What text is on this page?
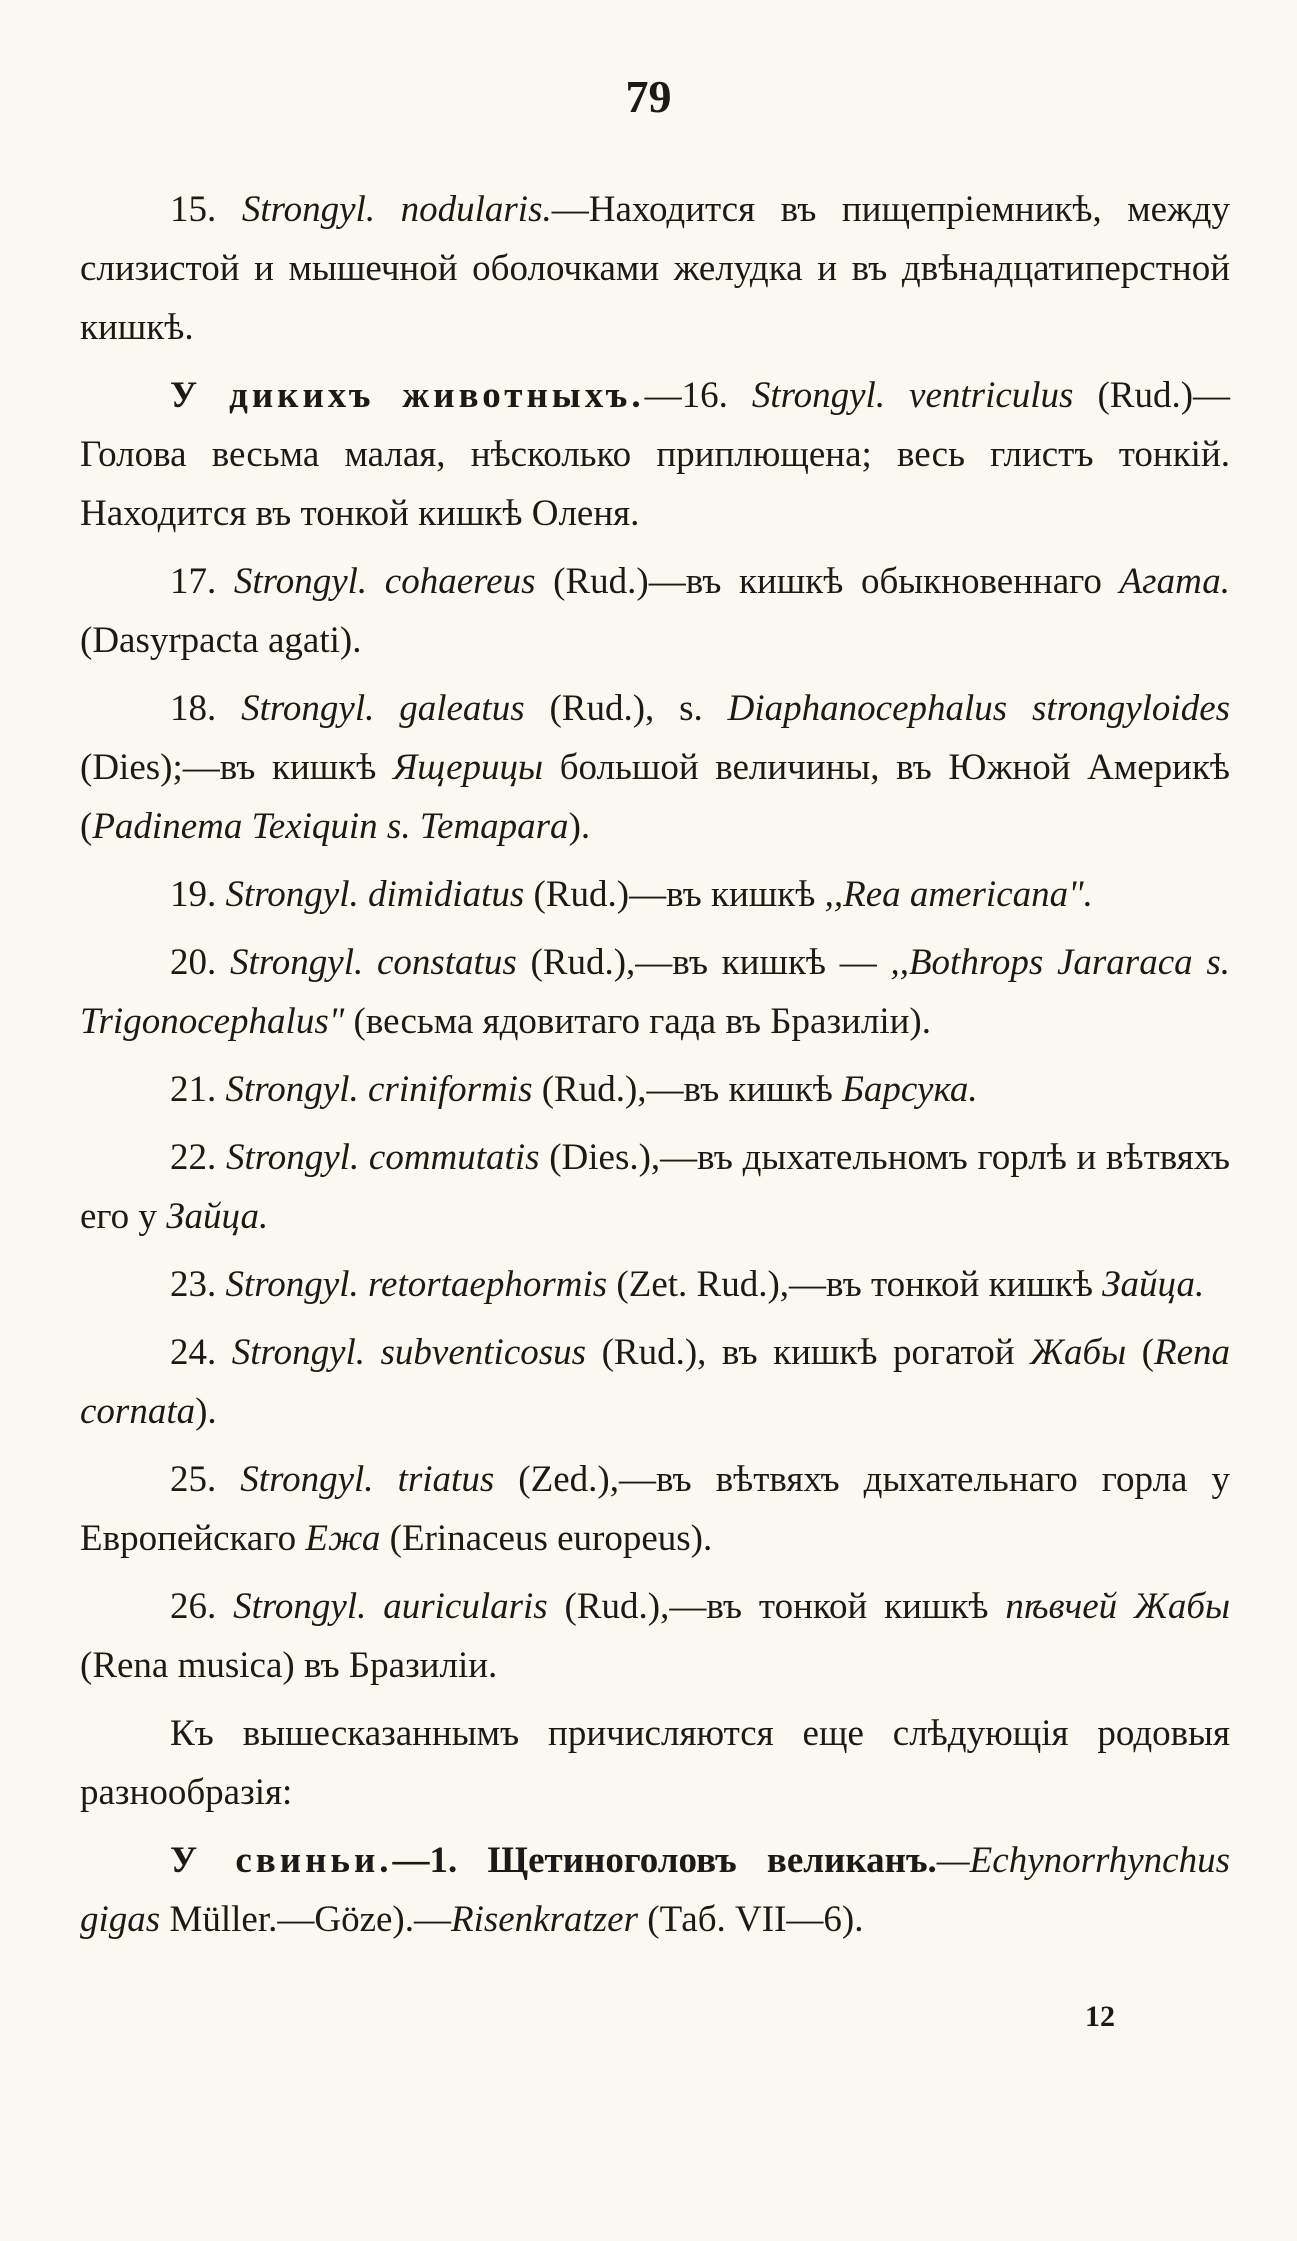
79

15. Strongyl. nodularis.—Находится въ пищепріемникѣ, между слизистой и мышечной оболочками желудка и въ двѣнадцатиперстной кишкѣ.

У дикихъ животныхъ.—16. Strongyl. ventriculus (Rud.)—Голова весьма малая, нѣсколько приплющена; весь глистъ тонкій. Находится въ тонкой кишкѣ Оленя.

17. Strongyl. cohaereus (Rud.)—въ кишкѣ обыкновеннаго Агата. (Dasyrpacta agati).

18. Strongyl. galeatus (Rud.), s. Diaphanocephalus strongyloides (Dies);—въ кишкѣ Ящерицы большой величины, въ Южной Америкѣ (Padinema Texiquin s. Temapara).

19. Strongyl. dimidiatus (Rud.)—въ кишкѣ ,,Rea americana".

20. Strongyl. constatus (Rud.),—въ кишкѣ — ,,Bothrops Jararaca s. Trigonocephalus" (весьма ядовитаго гада въ Бразиліи).

21. Strongyl. criniformis (Rud.),—въ кишкѣ Барсука.

22. Strongyl. commutatis (Dies.),—въ дыхательномъ горлѣ и вѣтвяхъ его у Зайца.

23. Strongyl. retortaephormis (Zet. Rud.),—въ тонкой кишкѣ Зайца.

24. Strongyl. subventicosus (Rud.), въ кишкѣ рогатой Жабы (Rena cornata).

25. Strongyl. triatus (Zed.),—въ вѣтвяхъ дыхательнаго горла у Европейскаго Ежа (Erinaceus europeus).

26. Strongyl. auricularis (Rud.),—въ тонкой кишкѣ пѣвчей Жабы (Rena musica) въ Бразиліи.

Къ вышесказаннымъ причисляются еще слѣдующія родовыя разнообразія:

У свиньи.—1. Щетиноголовъ великанъ.—Echynorrhynchus gigas Müller.—Göze).—Risenkratzer (Таб. VII—6).

12
